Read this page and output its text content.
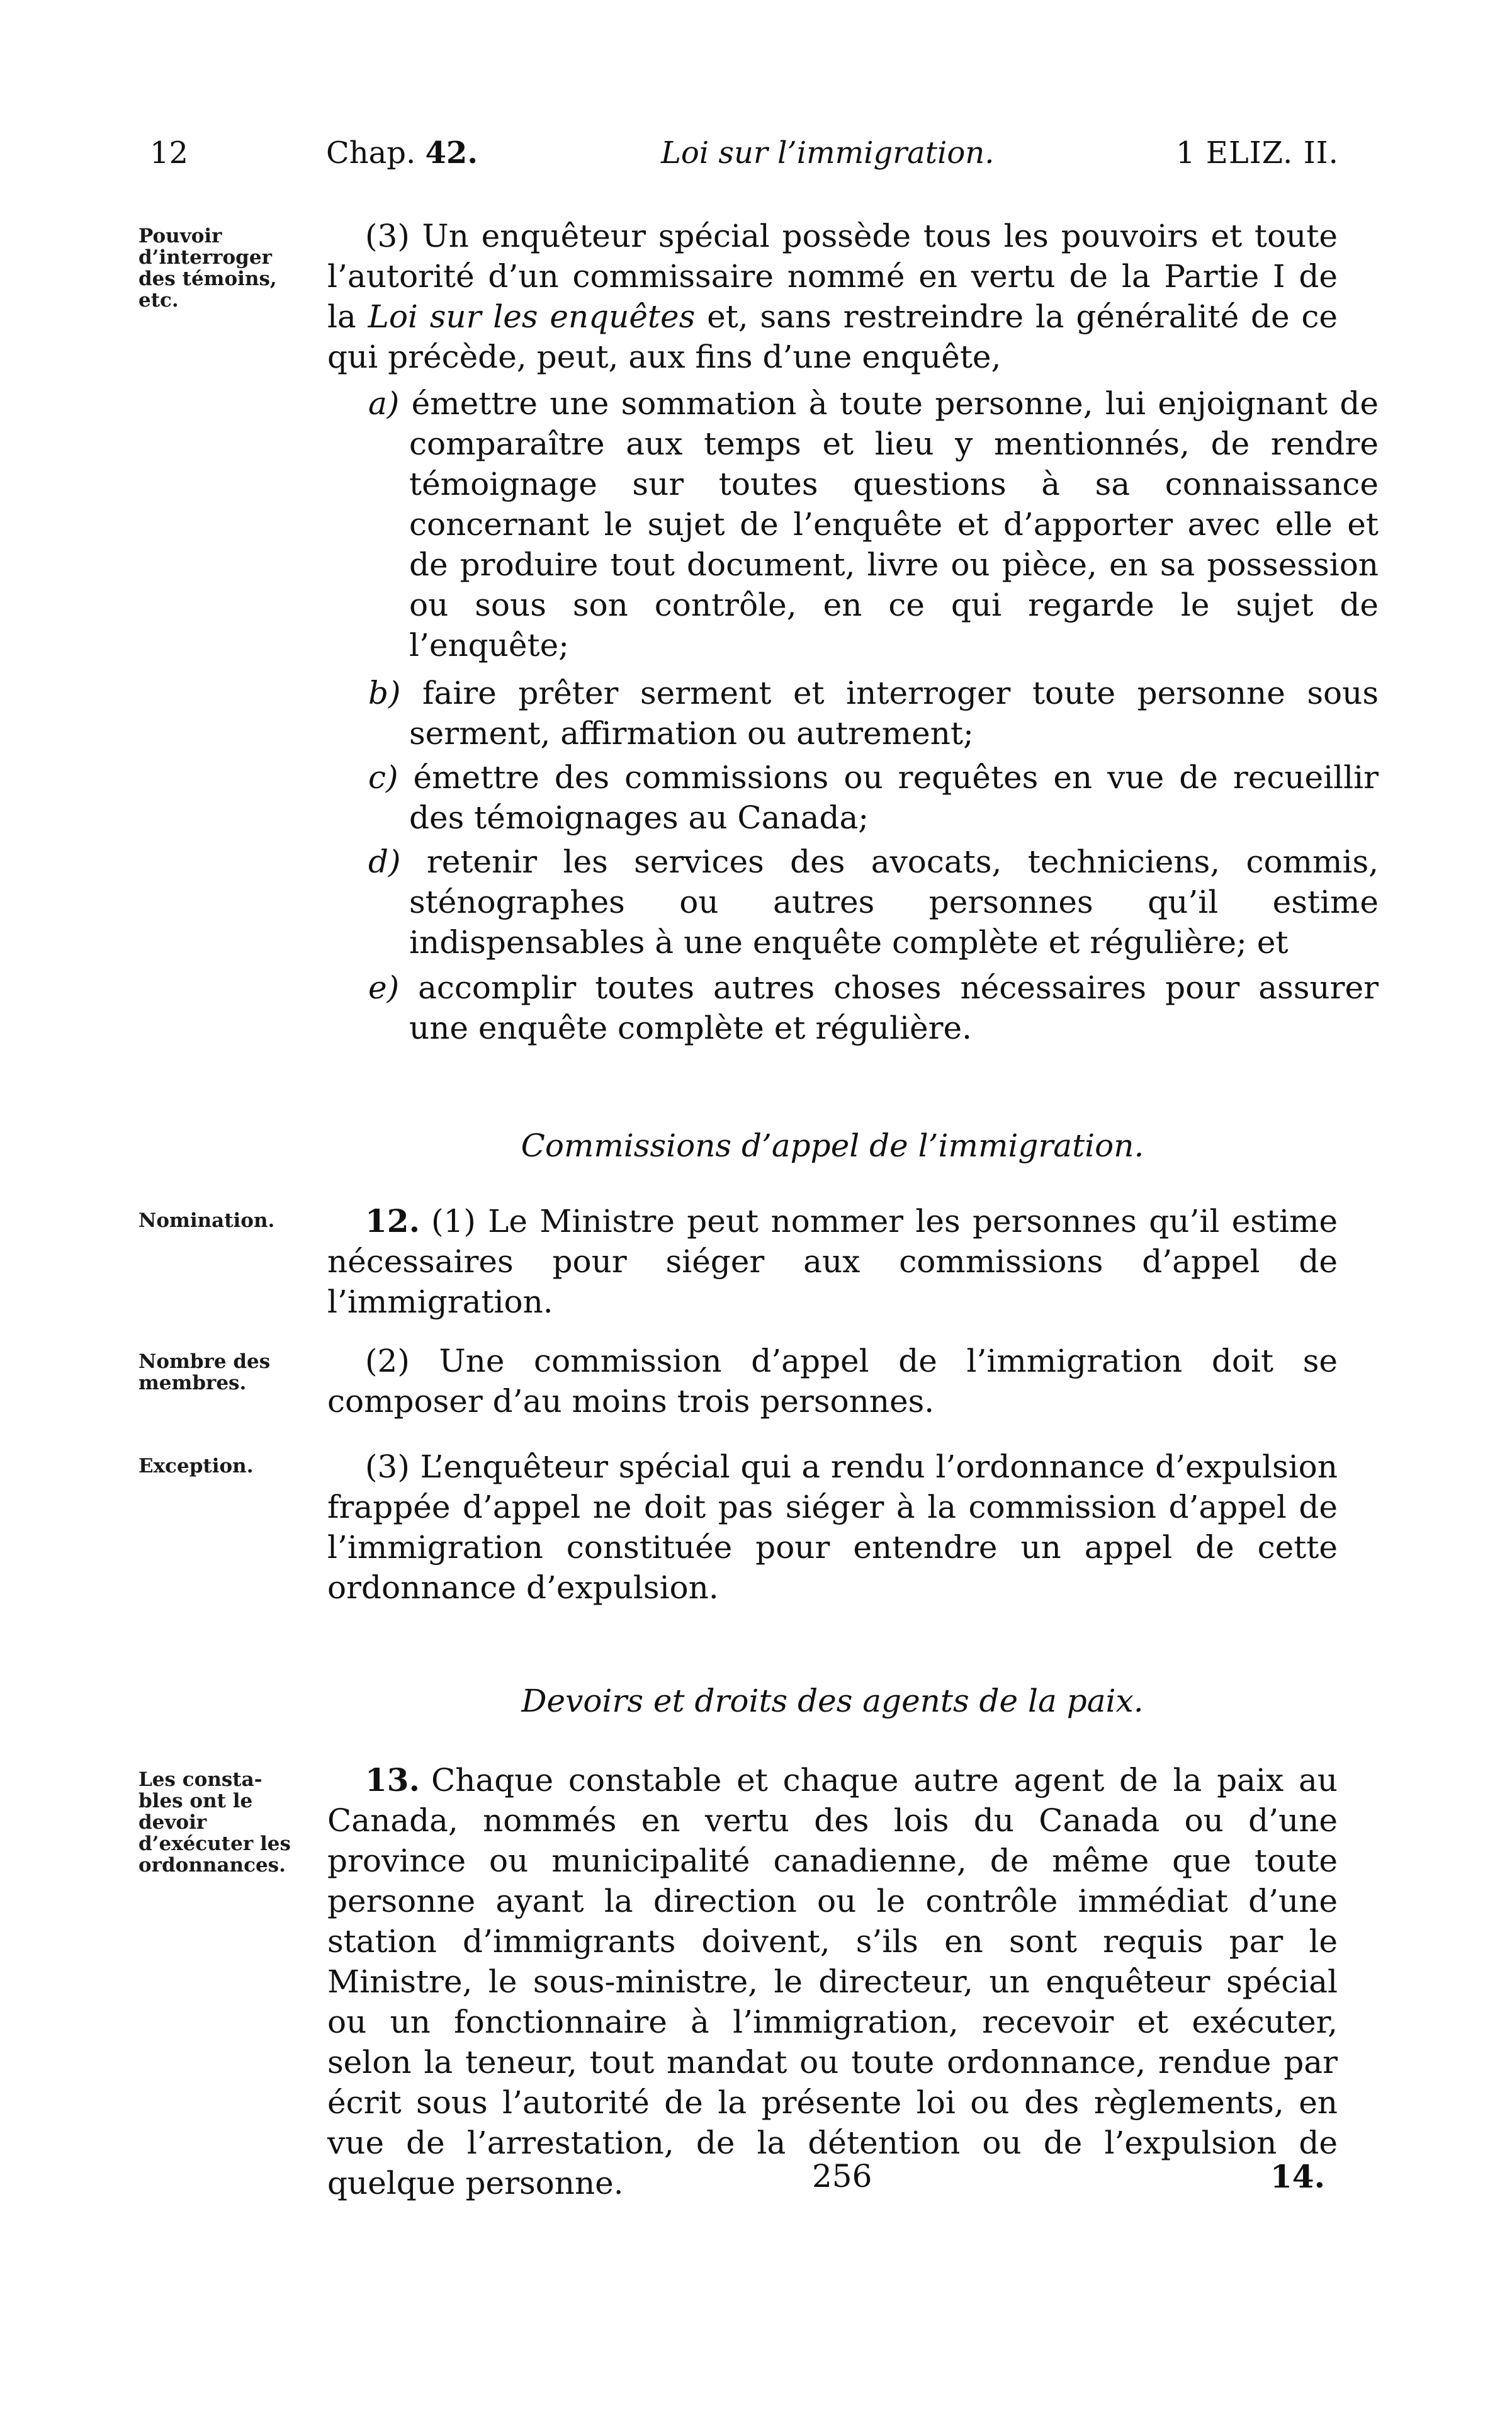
12	Chap. 42.	Loi sur l’immigration.	1 ELIZ. II.
Pouvoir
d’interroger
des témoins,
etc.
Nomination.
Nombre des
membres.
Exception.
Les consta-
bles ont le
devoir
d’exécuter les
ordonnances.

(3) Un enquêteur spécial possède tous les pouvoirs et toute l’autorité d’un commissaire nommé en vertu de la Partie I de la Loi sur les enquêtes et, sans restreindre la généralité de ce qui précède, peut, aux fins d’une enquête,

a) émettre une sommation à toute personne, lui enjoignant de comparaître aux temps et lieu y mentionnés, de rendre témoignage sur toutes questions à sa connaissance concernant le sujet de l’enquête et d’apporter avec elle et de produire tout document, livre ou pièce, en sa possession ou sous son contrôle, en ce qui regarde le sujet de l’enquête;

b) faire prêter serment et interroger toute personne sous serment, affirmation ou autrement;

c) émettre des commissions ou requêtes en vue de recueillir des témoignages au Canada;

d) retenir les services des avocats, techniciens, commis, sténographes ou autres personnes qu’il estime indispensables à une enquête complète et régulière; et

e) accomplir toutes autres choses nécessaires pour assurer une enquête complète et régulière.

Commissions d’appel de l’immigration.

12. (1) Le Ministre peut nommer les personnes qu’il estime nécessaires pour siéger aux commissions d’appel de l’immigration.

(2) Une commission d’appel de l’immigration doit se composer d’au moins trois personnes.

(3) L’enquêteur spécial qui a rendu l’ordonnance d’expulsion frappée d’appel ne doit pas siéger à la commission d’appel de l’immigration constituée pour entendre un appel de cette ordonnance d’expulsion.

Devoirs et droits des agents de la paix.

13. Chaque constable et chaque autre agent de la paix au Canada, nommés en vertu des lois du Canada ou d’une province ou municipalité canadienne, de même que toute personne ayant la direction ou le contrôle immédiat d’une station d’immigrants doivent, s’ils en sont requis par le Ministre, le sous-ministre, le directeur, un enquêteur spécial ou un fonctionnaire à l’immigration, recevoir et exécuter, selon la teneur, tout mandat ou toute ordonnance, rendue par écrit sous l’autorité de la présente loi ou des règlements, en vue de l’arrestation, de la détention ou de l’expulsion de quelque personne.	256	14.
